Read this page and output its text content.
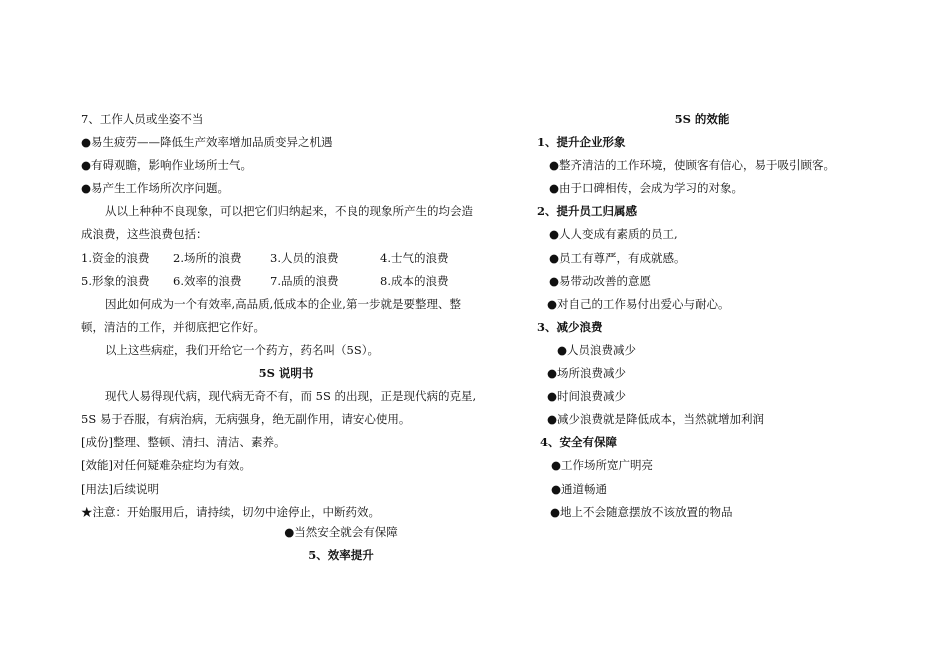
7、工作人员或坐姿不当
●易生疲劳——降低生产效率增加品质变异之机遇
●有碍观瞻，影响作业场所士气。
●易产生工作场所次序问题。
从以上种种不良现象，可以把它们归纳起来，不良的现象所产生的均会造
成浪费，这些浪费包括：
1.资金的浪费	2.场所的浪费	3.人员的浪费	4.士气的浪费
5.形象的浪费	6.效率的浪费	7.品质的浪费	8.成本的浪费
因此如何成为一个有效率,高品质,低成本的企业,第一步就是要整理、整
顿，清洁的工作，并彻底把它作好。
以上这些病症，我们开给它一个药方，药名叫（5S）。
5S 说明书
现代人易得现代病，现代病无奇不有，而 5S 的出现，正是现代病的克星,
5S 易于吞服，有病治病，无病强身，绝无副作用，请安心使用。
[成份]整理、整顿、清扫、清洁、素养。
[效能]对任何疑难杂症均为有效。
[用法]后续说明
★注意：开始服用后，请持续，切勿中途停止，中断药效。
●当然安全就会有保障
5、效率提升
5S 的效能
1、提升企业形象
●整齐清洁的工作环境，使顾客有信心，易于吸引顾客。
●由于口碑相传，会成为学习的对象。
2、提升员工归属感
●人人变成有素质的员工,
●员工有尊严，有成就感。
●易带动改善的意愿
●对自己的工作易付出爱心与耐心。
3、减少浪费
●人员浪费减少
●场所浪费减少
●时间浪费减少
●减少浪费就是降低成本，当然就增加利润
4、安全有保障
●工作场所宽广明亮
●通道畅通
●地上不会随意摆放不该放置的物品
